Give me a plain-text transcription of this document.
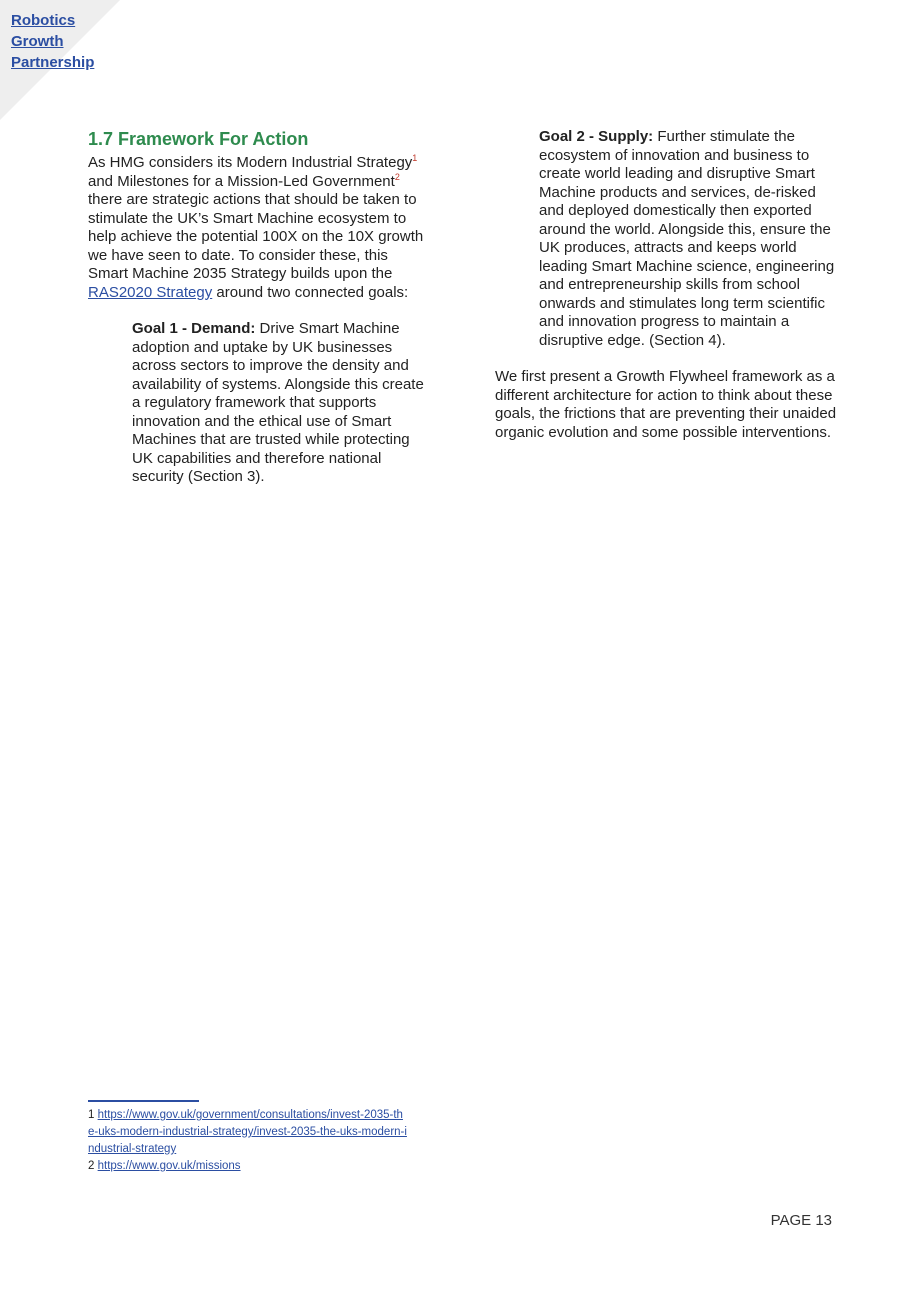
Robotics
Growth
Partnership
1.7 Framework For Action

As HMG considers its Modern Industrial Strategy$^1$ and Milestones for a Mission-Led Government$^2$ there are strategic actions that should be taken to stimulate the UK’s Smart Machine ecosystem to help achieve the potential 100X on the 10X growth we have seen to date. To consider these, this Smart Machine 2035 Strategy builds upon the RAS2020 Strategy around two connected goals:

Goal 1 - Demand: Drive Smart Machine adoption and uptake by UK businesses across sectors to improve the density and availability of systems. Alongside this create a regulatory framework that supports innovation and the ethical use of Smart Machines that are trusted while protecting UK capabilities and therefore national security (Section 3).

Goal 2 - Supply: Further stimulate the ecosystem of innovation and business to create world leading and disruptive Smart Machine products and services, de-risked and deployed domestically then exported around the world. Alongside this, ensure the UK produces, attracts and keeps world leading Smart Machine science, engineering and entrepreneurship skills from school onwards and stimulates long term scientific and innovation progress to maintain a disruptive edge. (Section 4).

We first present a Growth Flywheel framework as a different architecture for action to think about these goals, the frictions that are preventing their unaided organic evolution and some possible interventions.

1 https://www.gov.uk/government/consultations/invest-2035-the-uks-modern-industrial-strategy/invest-2035-the-uks-modern-industrial-strategy
2 https://www.gov.uk/missions
PAGE 13
